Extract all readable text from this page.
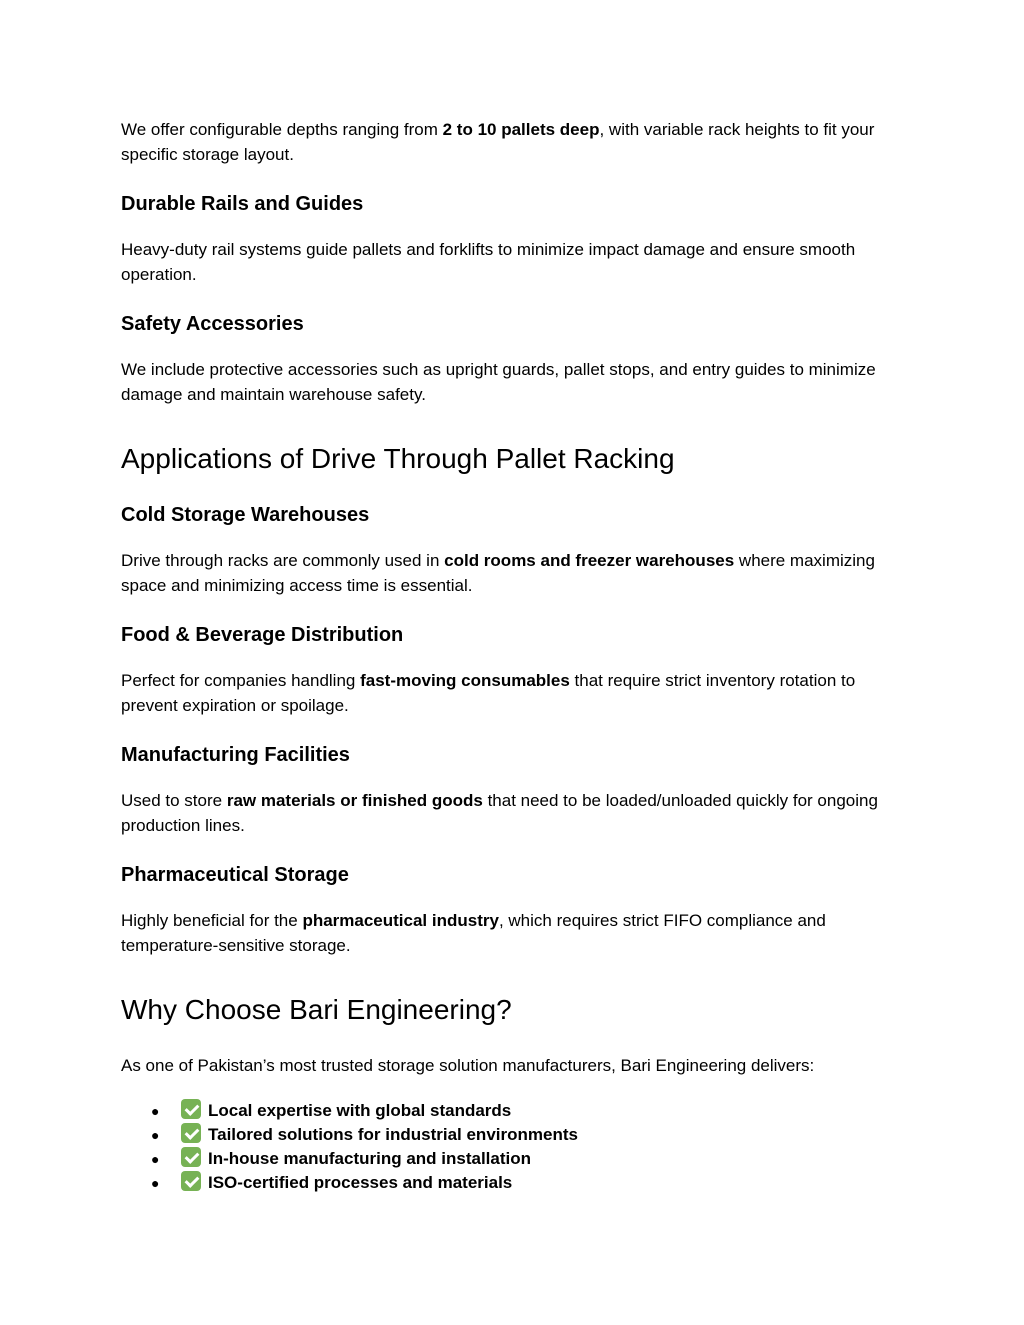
We offer configurable depths ranging from 2 to 10 pallets deep, with variable rack heights to fit your specific storage layout.

Durable Rails and Guides

Heavy-duty rail systems guide pallets and forklifts to minimize impact damage and ensure smooth operation.

Safety Accessories

We include protective accessories such as upright guards, pallet stops, and entry guides to minimize damage and maintain warehouse safety.

Applications of Drive Through Pallet Racking
Cold Storage Warehouses

Drive through racks are commonly used in cold rooms and freezer warehouses where maximizing space and minimizing access time is essential.

Food & Beverage Distribution

Perfect for companies handling fast-moving consumables that require strict inventory rotation to prevent expiration or spoilage.

Manufacturing Facilities

Used to store raw materials or finished goods that need to be loaded/unloaded quickly for ongoing production lines.

Pharmaceutical Storage

Highly beneficial for the pharmaceutical industry, which requires strict FIFO compliance and temperature-sensitive storage.

Why Choose Bari Engineering?

As one of Pakistan’s most trusted storage solution manufacturers, Bari Engineering delivers:

●	Local expertise with global standards
●	Tailored solutions for industrial environments
●	In-house manufacturing and installation
●	ISO-certified processes and materials
